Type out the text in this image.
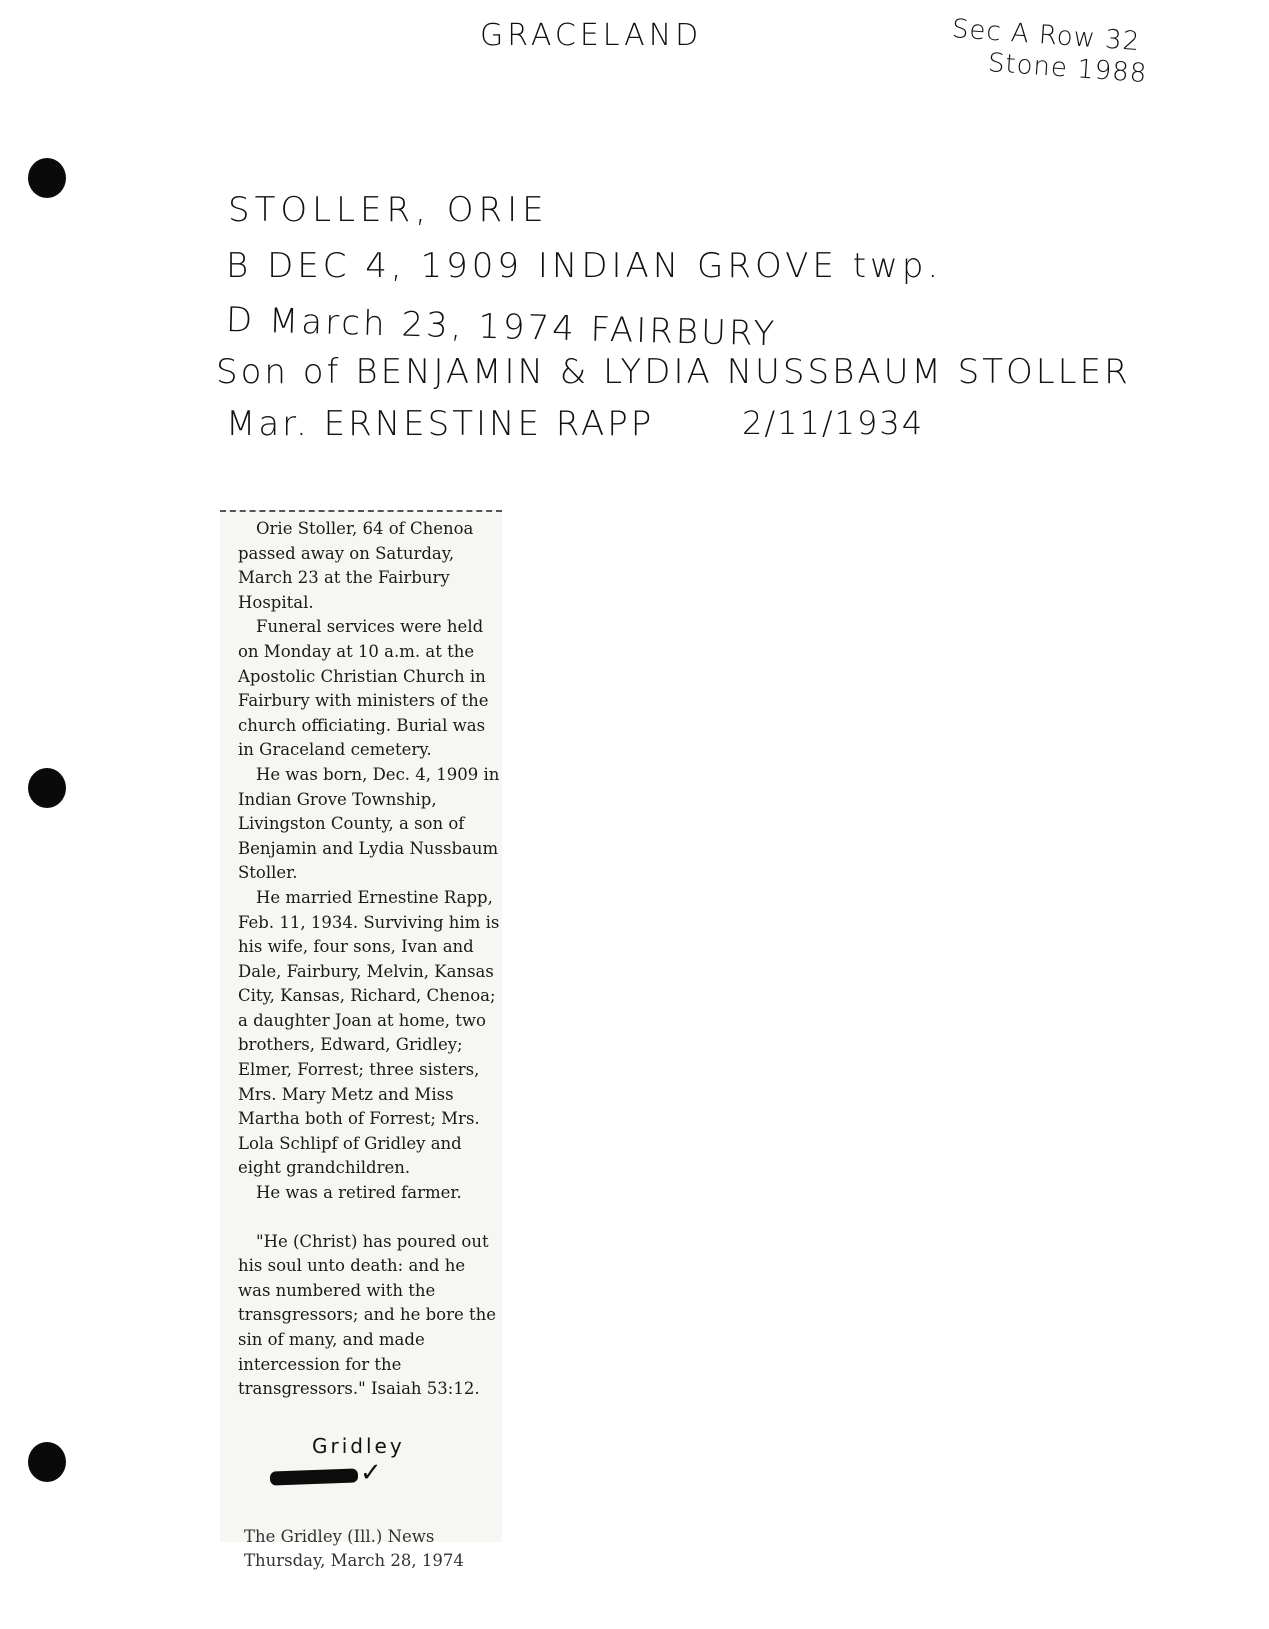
GRACELAND	Sec A Row 32
Stone 1988
STOLLER, ORIE
B DEC 4, 1909 INDIAN GROVE twp.
D March 23, 1974 FAIRBURY
Son of BENJAMIN & LYDIA NUSSBAUM STOLLER
Mar. ERNESTINE RAPP	2/11/1934

Orie Stoller, 64 of Chenoa passed away on Saturday, March 23 at the Fairbury Hospital.

Funeral services were held on Monday at 10 a.m. at the Apostolic Christian Church in Fairbury with ministers of the church officiating. Burial was in Graceland cemetery.

He was born, Dec. 4, 1909 in Indian Grove Township, Livingston County, a son of Benjamin and Lydia Nussbaum Stoller.

He married Ernestine Rapp, Feb. 11, 1934. Surviving him is his wife, four sons, Ivan and Dale, Fairbury, Melvin, Kansas City, Kansas, Richard, Chenoa; a daughter Joan at home, two brothers, Edward, Gridley; Elmer, Forrest; three sisters, Mrs. Mary Metz and Miss Martha both of Forrest; Mrs. Lola Schlipf of Gridley and eight grandchildren.

He was a retired farmer.

"He (Christ) has poured out his soul unto death: and he was numbered with the transgressors; and he bore the sin of many, and made intercession for the transgressors." Isaiah 53:12.

Gridley
✓
The Gridley (Ill.) News
Thursday, March 28, 1974
